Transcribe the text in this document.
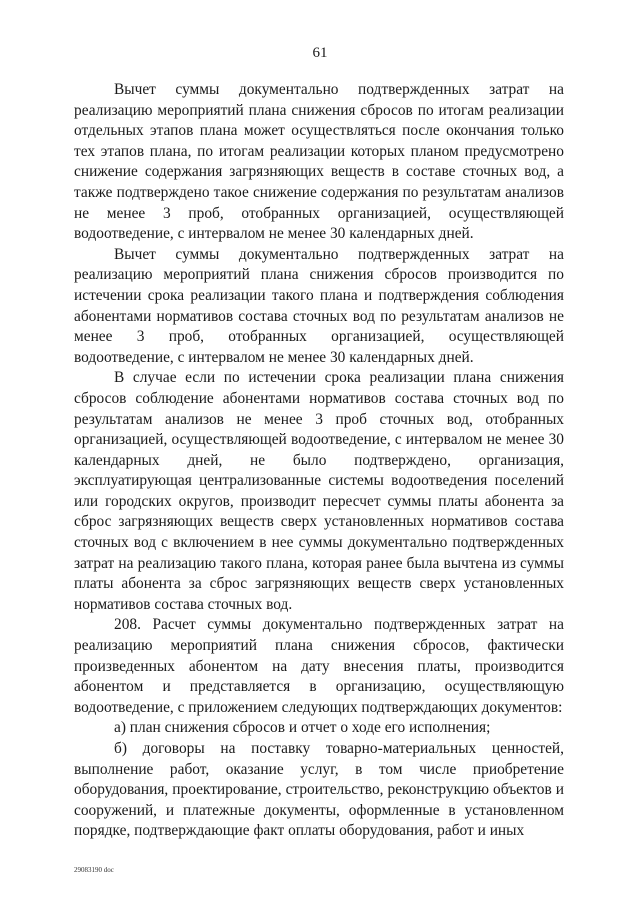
61

Вычет суммы документально подтвержденных затрат на реализацию мероприятий плана снижения сбросов по итогам реализации отдельных этапов плана может осуществляться после окончания только тех этапов плана, по итогам реализации которых планом предусмотрено снижение содержания загрязняющих веществ в составе сточных вод, а также подтверждено такое снижение содержания по результатам анализов не менее 3 проб, отобранных организацией, осуществляющей водоотведение, с интервалом не менее 30 календарных дней.

Вычет суммы документально подтвержденных затрат на реализацию мероприятий плана снижения сбросов производится по истечении срока реализации такого плана и подтверждения соблюдения абонентами нормативов состава сточных вод по результатам анализов не менее 3 проб, отобранных организацией, осуществляющей водоотведение, с интервалом не менее 30 календарных дней.

В случае если по истечении срока реализации плана снижения сбросов соблюдение абонентами нормативов состава сточных вод по результатам анализов не менее 3 проб сточных вод, отобранных организацией, осуществляющей водоотведение, с интервалом не менее 30 календарных дней, не было подтверждено, организация, эксплуатирующая централизованные системы водоотведения поселений или городских округов, производит пересчет суммы платы абонента за сброс загрязняющих веществ сверх установленных нормативов состава сточных вод с включением в нее суммы документально подтвержденных затрат на реализацию такого плана, которая ранее была вычтена из суммы платы абонента за сброс загрязняющих веществ сверх установленных нормативов состава сточных вод.

208. Расчет суммы документально подтвержденных затрат на реализацию мероприятий плана снижения сбросов, фактически произведенных абонентом на дату внесения платы, производится абонентом и представляется в организацию, осуществляющую водоотведение, с приложением следующих подтверждающих документов:

а) план снижения сбросов и отчет о ходе его исполнения;

б) договоры на поставку товарно-материальных ценностей, выполнение работ, оказание услуг, в том числе приобретение оборудования, проектирование, строительство, реконструкцию объектов и сооружений, и платежные документы, оформленные в установленном порядке, подтверждающие факт оплаты оборудования, работ и иных

29083190 doc
